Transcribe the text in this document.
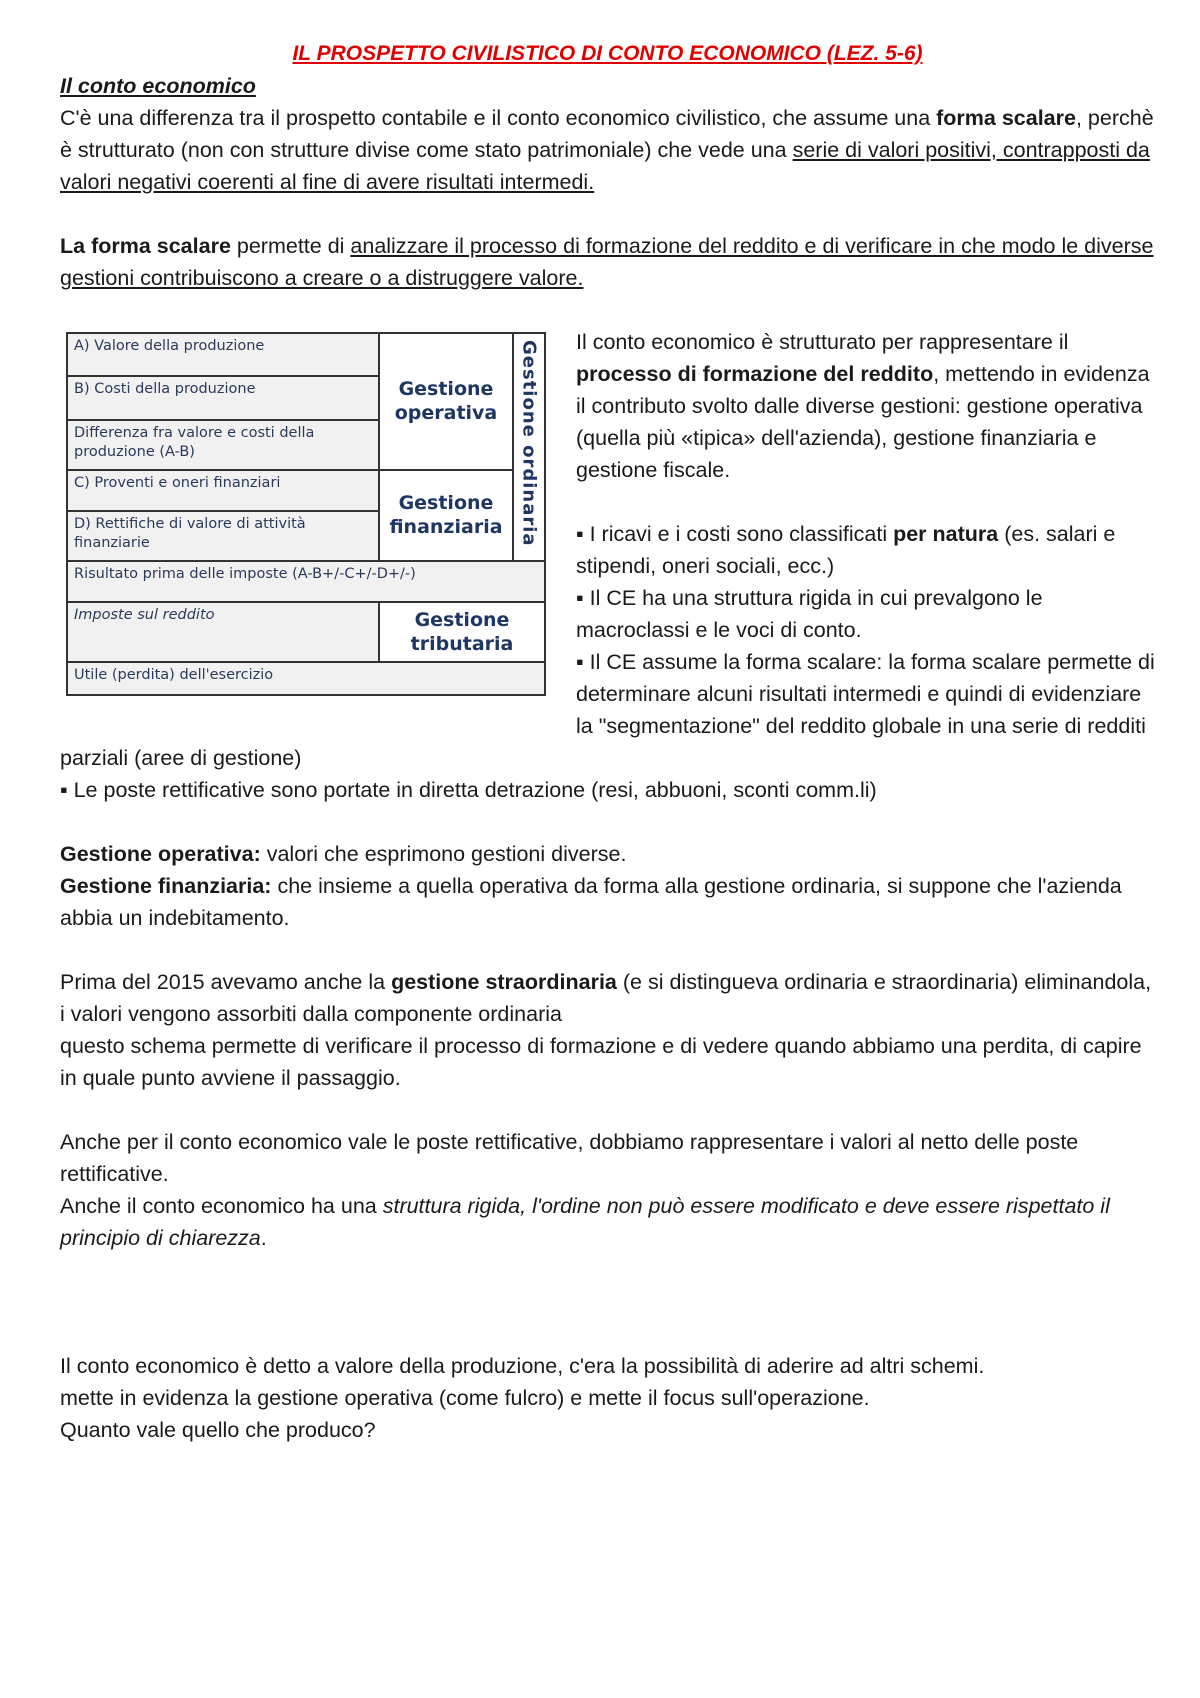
IL PROSPETTO CIVILISTICO DI CONTO ECONOMICO (LEZ. 5-6)

Il conto economico

C'è una differenza tra il prospetto contabile e il conto economico civilistico, che assume una forma scalare, perchè è strutturato (non con strutture divise come stato patrimoniale) che vede una serie di valori positivi, contrapposti da valori negativi coerenti al fine di avere risultati intermedi.

La forma scalare permette di analizzare il processo di formazione del reddito e di verificare in che modo le diverse gestioni contribuiscono a creare o a distruggere valore.

A) Valore della produzione	Gestione operativa	Gestione ordinaria

B) Costi della produzione		
Differenza fra valore e costi della produzione (A-B)		
C) Proventi e oneri finanziari	Gestione finanziaria	
D) Rettifiche di valore di attività finanziarie		
Risultato prima delle imposte (A-B+/-C+/-D+/-)		
Imposte sul reddito	Gestione tributaria	
Utile (perdita) dell'esercizio		

Il conto economico è strutturato per rappresentare il processo di formazione del reddito, mettendo in evidenza il contributo svolto dalle diverse gestioni: gestione operativa (quella più «tipica» dell'azienda), gestione finanziaria e gestione fiscale.

▪ I ricavi e i costi sono classificati per natura (es. salari e stipendi, oneri sociali, ecc.)

▪ Il CE ha una struttura rigida in cui prevalgono le macroclassi e le voci di conto.

▪ Il CE assume la forma scalare: la forma scalare permette di determinare alcuni risultati intermedi e quindi di evidenziare la "segmentazione" del reddito globale in una serie di redditi parziali (aree di gestione)

▪ Le poste rettificative sono portate in diretta detrazione (resi, abbuoni, sconti comm.li)

Gestione operativa: valori che esprimono gestioni diverse.

Gestione finanziaria: che insieme a quella operativa da forma alla gestione ordinaria, si suppone che l'azienda abbia un indebitamento.

Prima del 2015 avevamo anche la gestione straordinaria (e si distingueva ordinaria e straordinaria) eliminandola, i valori vengono assorbiti dalla componente ordinaria

questo schema permette di verificare il processo di formazione e di vedere quando abbiamo una perdita, di capire in quale punto avviene il passaggio.

Anche per il conto economico vale le poste rettificative, dobbiamo rappresentare i valori al netto delle poste rettificative.

Anche il conto economico ha una struttura rigida, l'ordine non può essere modificato e deve essere rispettato il principio di chiarezza.

Il conto economico è detto a valore della produzione, c'era la possibilità di aderire ad altri schemi.

mette in evidenza la gestione operativa (come fulcro) e mette il focus sull'operazione.

Quanto vale quello che produco?
